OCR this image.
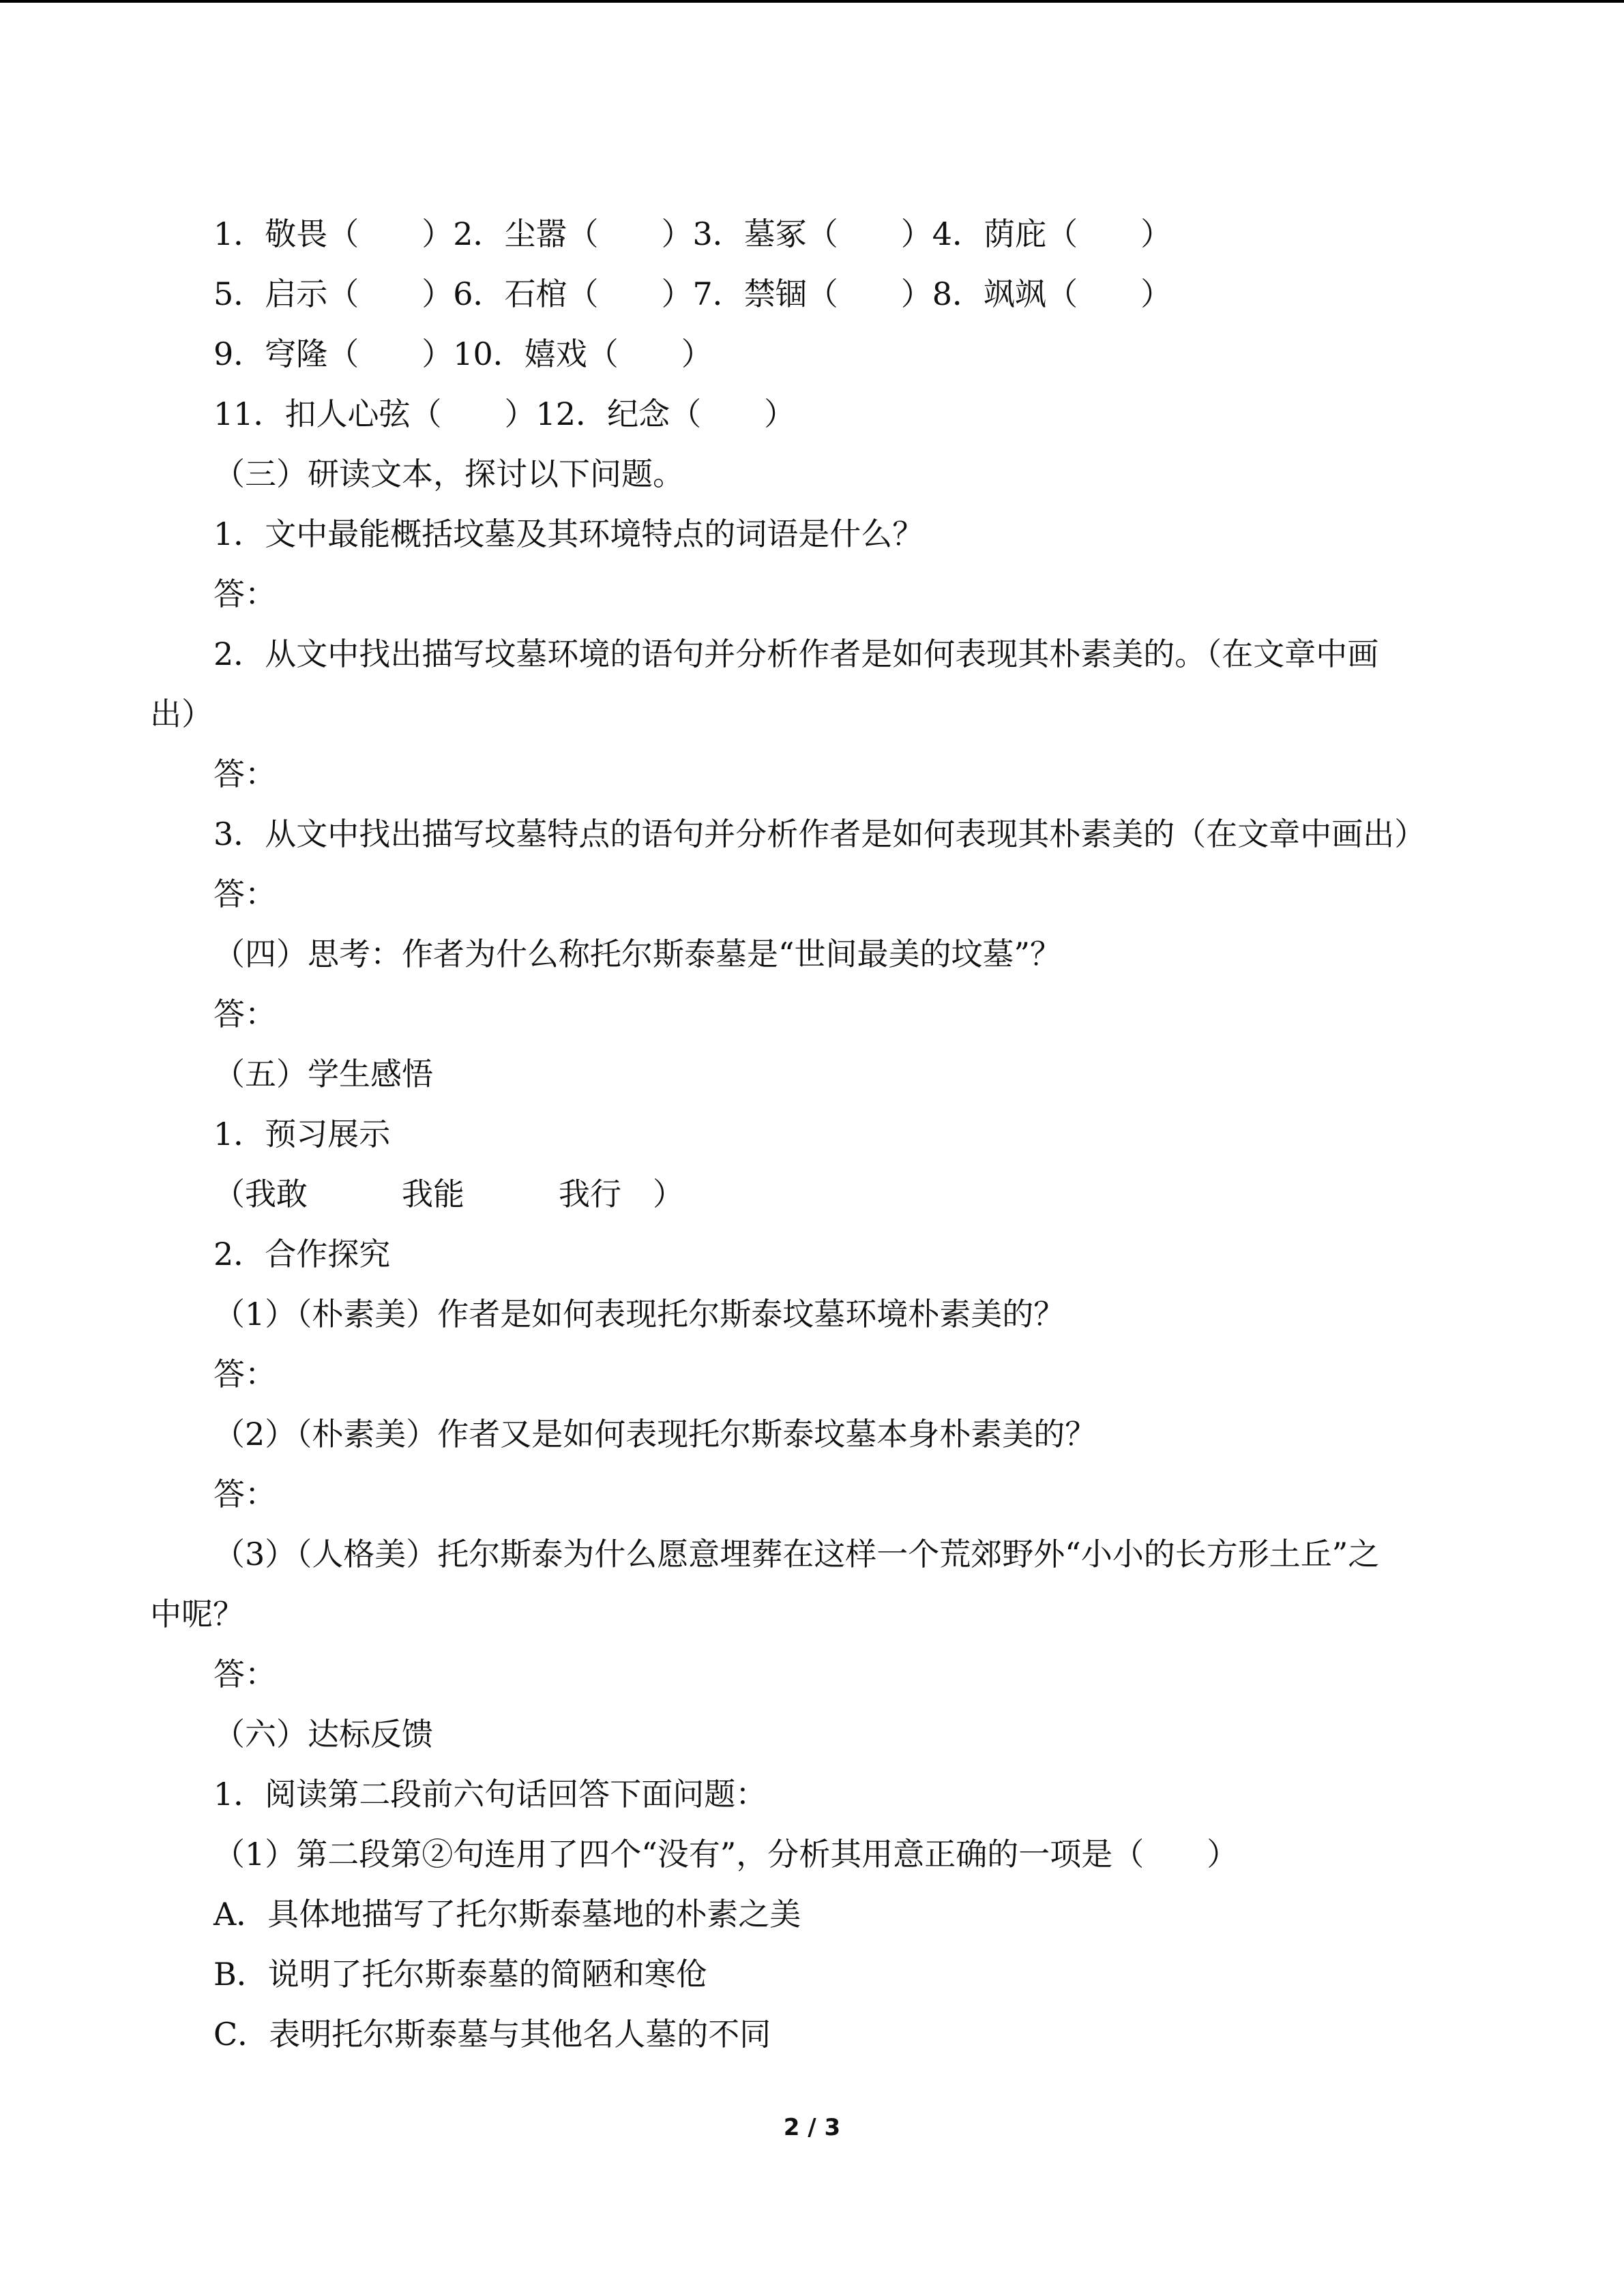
1．敬畏（　　）2．尘嚣（　　）3．墓冢（　　）4．荫庇（　　）
5．启示（　　）6．石棺（　　）7．禁锢（　　）8．飒飒（　　）
9．穹隆（　　）10．嬉戏（　　）
11．扣人心弦（　　）12．纪念（　　）
（三）研读文本，探讨以下问题。
1．文中最能概括坟墓及其环境特点的词语是什么？
答：
2．从文中找出描写坟墓环境的语句并分析作者是如何表现其朴素美的。（在文章中画
出）
答：
3．从文中找出描写坟墓特点的语句并分析作者是如何表现其朴素美的（在文章中画出）
答：
（四）思考：作者为什么称托尔斯泰墓是“世间最美的坟墓”？
答：
（五）学生感悟
1．预习展示
（我敢　　　我能　　　我行　）
2．合作探究
（1）（朴素美）作者是如何表现托尔斯泰坟墓环境朴素美的？
答：
（2）（朴素美）作者又是如何表现托尔斯泰坟墓本身朴素美的？
答：
（3）（人格美）托尔斯泰为什么愿意埋葬在这样一个荒郊野外“小小的长方形土丘”之
中呢？
答：
（六）达标反馈
1．阅读第二段前六句话回答下面问题：
（1）第二段第②句连用了四个“没有”，分析其用意正确的一项是（　　）
A．具体地描写了托尔斯泰墓地的朴素之美
B．说明了托尔斯泰墓的简陋和寒伧
C．表明托尔斯泰墓与其他名人墓的不同
2 / 3
